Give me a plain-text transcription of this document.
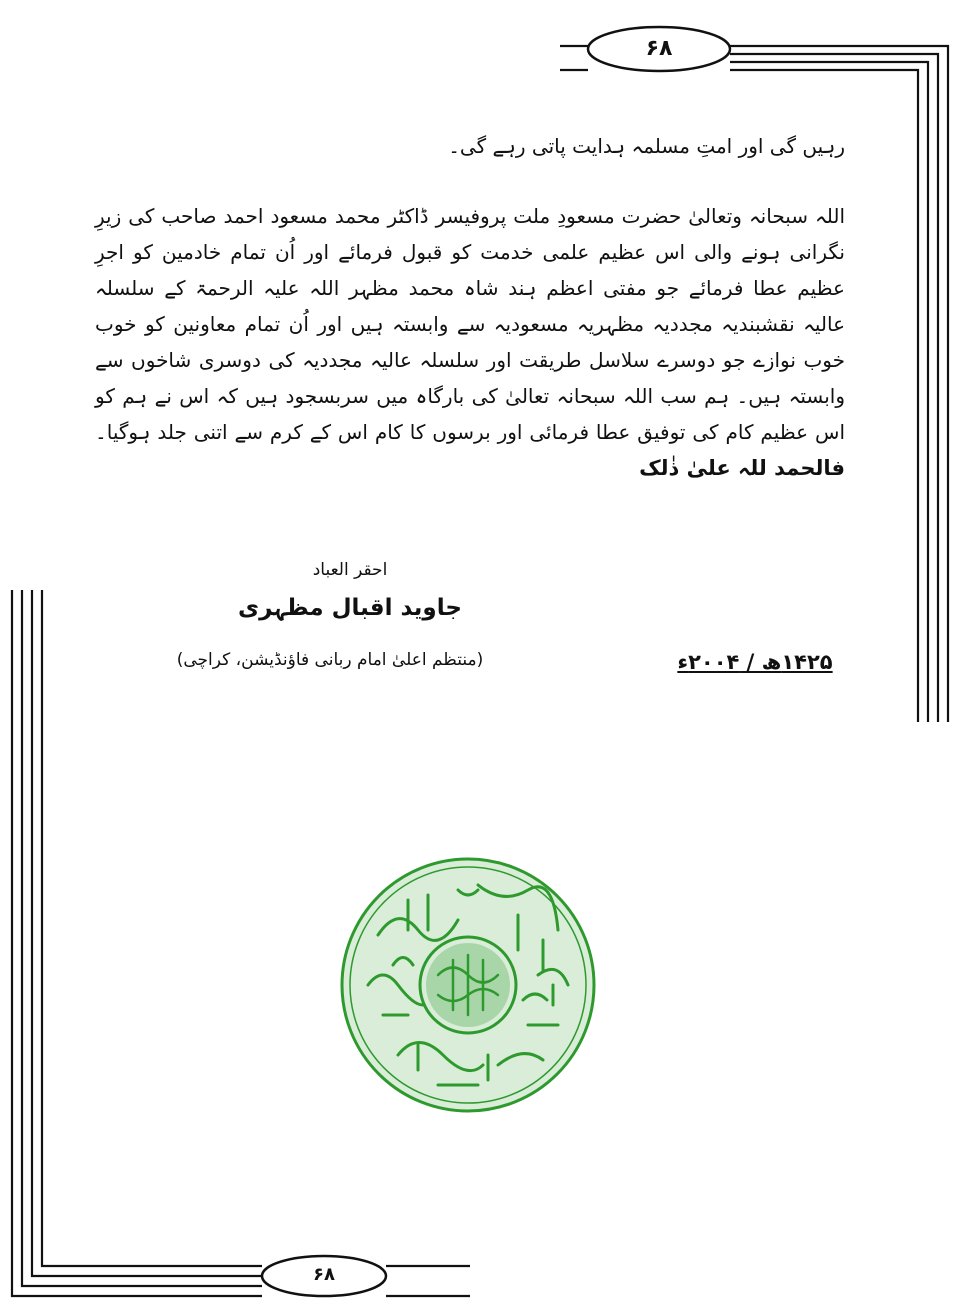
۶۸
۶۸
رہیں گی اور امتِ مسلمہ ہدایت پاتی رہے گی۔
اللہ سبحانہ وتعالیٰ حضرت مسعودِ ملت پروفیسر ڈاکٹر محمد مسعود احمد صاحب کی زیرِ نگرانی ہونے والی اس عظیم علمی خدمت کو قبول فرمائے اور اُن تمام خادمین کو اجرِ عظیم عطا فرمائے جو مفتی اعظم ہند شاہ محمد مظہر اللہ علیہ الرحمۃ کے سلسلہ عالیہ نقشبندیہ مجددیہ مظہریہ مسعودیہ سے وابستہ ہیں اور اُن تمام معاونین کو خوب خوب نوازے جو دوسرے سلاسل طریقت اور سلسلہ عالیہ مجددیہ کی دوسری شاخوں سے وابستہ ہیں۔ ہم سب اللہ سبحانہ تعالیٰ کی بارگاہ میں سربسجود ہیں کہ اس نے ہم کو اس عظیم کام کی توفیق عطا فرمائی اور برسوں کا کام اس کے کرم سے اتنی جلد ہوگیا۔ فالحمد للہ علیٰ ذٰلک
احقر العباد
جاوید اقبال مظہری
(منتظم اعلیٰ امام ربانی فاؤنڈیشن، کراچی)	۱۴۲۵ھ / ۲۰۰۴ء
